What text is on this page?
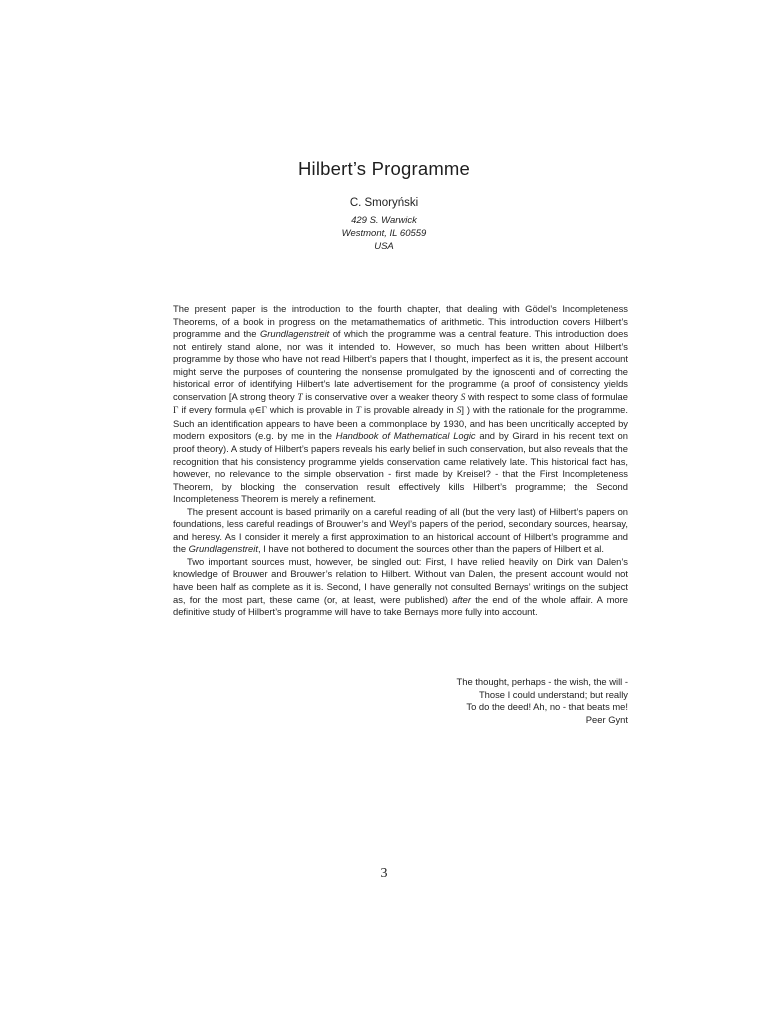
Hilbert’s Programme
C. Smoryński
429 S. Warwick
Westmont, IL 60559
USA

The present paper is the introduction to the fourth chapter, that dealing with Gödel’s Incompleteness Theorems, of a book in progress on the metamathematics of arithmetic. This introduction covers Hilbert’s programme and the Grundlagenstreit of which the programme was a central feature. This introduction does not entirely stand alone, nor was it intended to. However, so much has been written about Hilbert’s programme by those who have not read Hilbert’s papers that I thought, imperfect as it is, the present account might serve the purposes of countering the nonsense promulgated by the ignoscenti and of correcting the historical error of identifying Hilbert’s late advertisement for the programme (a proof of consistency yields conservation [A strong theory T is conservative over a weaker theory S with respect to some class of formulae Γ if every formula φ∈Γ which is provable in T is provable already in S] ) with the rationale for the programme. Such an identification appears to have been a commonplace by 1930, and has been uncritically accepted by modern expositors (e.g. by me in the Handbook of Mathematical Logic and by Girard in his recent text on proof theory). A study of Hilbert’s papers reveals his early belief in such conservation, but also reveals that the recognition that his consistency programme yields conservation came relatively late. This historical fact has, however, no relevance to the simple observation - first made by Kreisel? - that the First Incompleteness Theorem, by blocking the conservation result effectively kills Hilbert’s programme; the Second Incompleteness Theorem is merely a refinement.

The present account is based primarily on a careful reading of all (but the very last) of Hilbert’s papers on foundations, less careful readings of Brouwer’s and Weyl’s papers of the period, secondary sources, hearsay, and heresy. As I consider it merely a first approximation to an historical account of Hilbert’s programme and the Grundlagenstreit, I have not bothered to document the sources other than the papers of Hilbert et al.

Two important sources must, however, be singled out: First, I have relied heavily on Dirk van Dalen’s knowledge of Brouwer and Brouwer’s relation to Hilbert. Without van Dalen, the present account would not have been half as complete as it is. Second, I have generally not consulted Bernays’ writings on the subject as, for the most part, these came (or, at least, were published) after the end of the whole affair. A more definitive study of Hilbert’s programme will have to take Bernays more fully into account.

The thought, perhaps - the wish, the will -
Those I could understand; but really
To do the deed! Ah, no - that beats me!
Peer Gynt
3
